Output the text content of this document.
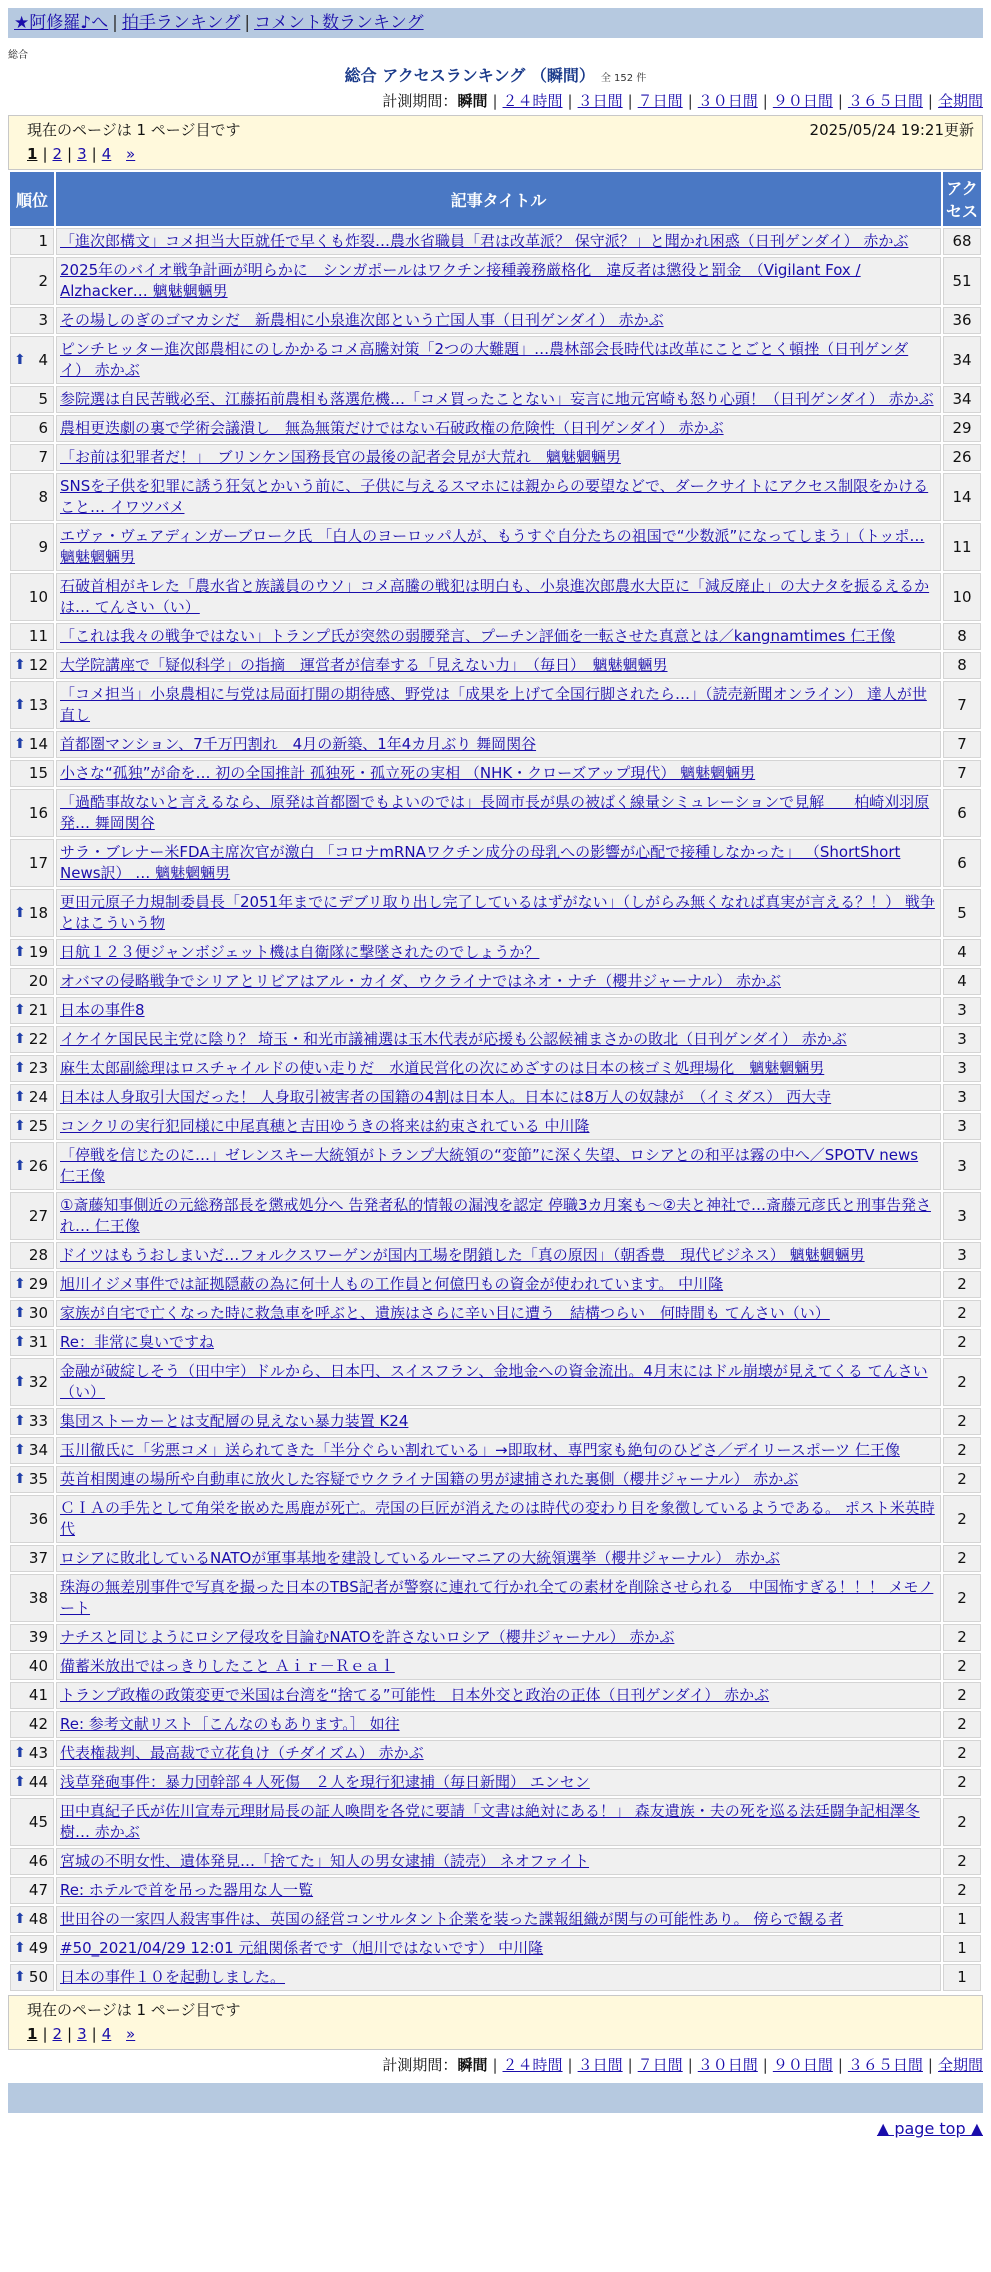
★阿修羅♪へ | 拍手ランキング | コメント数ランキング
総合
総合 アクセスランキング （瞬間） 全 152 件
計測期間：瞬間 | ２４時間 | ３日間 | ７日間 | ３０日間 | ９０日間 | ３６５日間 | 全期間
現在のページは 1 ページ目です	2025/05/24 19:21更新
1 | 2 | 3 | 4 »
順位	記事タイトル	アクセス
1	「進次郎構文」コメ担当大臣就任で早くも炸裂…農水省職員「君は改革派？ 保守派？」と聞かれ困惑（日刊ゲンダイ） 赤かぶ	68
2	2025年のバイオ戦争計画が明らかに　シンガポールはワクチン接種義務厳格化　違反者は懲役と罰金　（Vigilant Fox / Alzhacker… 魑魅魍魎男	51
3	その場しのぎのゴマカシだ　新農相に小泉進次郎という亡国人事（日刊ゲンダイ） 赤かぶ	36

⬆ 4	ピンチヒッター進次郎農相にのしかかるコメ高騰対策「2つの大難題」…農林部会長時代は改革にことごとく頓挫（日刊ゲンダイ） 赤かぶ	34
5	参院選は自民苦戦必至、江藤拓前農相も落選危機…「コメ買ったことない」妄言に地元宮崎も怒り心頭！（日刊ゲンダイ） 赤かぶ	34
6	農相更迭劇の裏で学術会議潰し　無為無策だけではない石破政権の危険性（日刊ゲンダイ） 赤かぶ	29
7	「お前は犯罪者だ！」　ブリンケン国務長官の最後の記者会見が大荒れ　魑魅魍魎男	26
8	SNSを子供を犯罪に誘う狂気とかいう前に、子供に与えるスマホには親からの要望などで、ダークサイトにアクセス制限をかけること… イワツバメ	14
9	エヴァ・ヴェアディンガーブローク氏 「白人のヨーロッパ人が、もうすぐ自分たちの祖国で“少数派”になってしまう」（トッポ… 魑魅魍魎男	11
10	石破首相がキレた「農水省と族議員のウソ」コメ高騰の戦犯は明白も、小泉進次郎農水大臣に「減反廃止」の大ナタを振るえるかは… てんさい（い）	10
11	「これは我々の戦争ではない」トランプ氏が突然の弱腰発言、プーチン評価を一転させた真意とは／kangnamtimes 仁王像	8

⬆ 12	大学院講座で「疑似科学」の指摘　運営者が信奉する「見えない力」　（毎日）　魑魅魍魎男	8

⬆ 13	「コメ担当」小泉農相に与党は局面打開の期待感、野党は「成果を上げて全国行脚されたら…」（読売新聞オンライン） 達人が世直し	7

⬆ 14	首都圏マンション、7千万円割れ　4月の新築、1年4カ月ぶり 舞岡関谷	7
15	小さな“孤独”が命を… 初の全国推計 孤独死・孤立死の実相 （NHK・クローズアップ現代） 魑魅魍魎男	7
16	「過酷事故ないと言えるなら、原発は首都圏でもよいのでは」長岡市長が県の被ばく線量シミュレーションで見解　　柏崎刈羽原発… 舞岡関谷	6
17	サラ・ブレナー米FDA主席次官が激白 「コロナmRNAワクチン成分の母乳への影響が心配で接種しなかった」 （ShortShort News訳） … 魑魅魍魎男	6

⬆ 18	更田元原子力規制委員長「2051年までにデブリ取り出し完了しているはずがない」（しがらみ無くなれば真実が言える？！） 戦争とはこういう物	5

⬆ 19	日航１２３便ジャンボジェット機は自衛隊に撃墜されたのでしょうか？	4
20	オバマの侵略戦争でシリアとリビアはアル・カイダ、ウクライナではネオ・ナチ（櫻井ジャーナル） 赤かぶ	4

⬆ 21	日本の事件8	3

⬆ 22	イケイケ国民民主党に陰り？ 埼玉・和光市議補選は玉木代表が応援も公認候補まさかの敗北（日刊ゲンダイ） 赤かぶ	3

⬆ 23	麻生太郎副総理はロスチャイルドの使い走りだ　水道民営化の次にめざすのは日本の核ゴミ処理場化　魑魅魍魎男	3

⬆ 24	日本は人身取引大国だった！ 人身取引被害者の国籍の4割は日本人。日本には8万人の奴隷が　（イミダス） 西大寺	3

⬆ 25	コンクリの実行犯同様に中尾真穂と吉田ゆうきの将来は約束されている 中川隆	3

⬆ 26	「停戦を信じたのに…」ゼレンスキー大統領がトランプ大統領の“変節”に深く失望、ロシアとの和平は霧の中へ／SPOTV news 仁王像	3
27	①斎藤知事側近の元総務部長を懲戒処分へ 告発者私的情報の漏洩を認定 停職3カ月案も～②夫と神社で…斎藤元彦氏と刑事告発され… 仁王像	3
28	ドイツはもうおしまいだ…フォルクスワーゲンが国内工場を閉鎖した「真の原因」（朝香豊　現代ビジネス） 魑魅魍魎男	3

⬆ 29	旭川イジメ事件では証拠隠蔽の為に何十人もの工作員と何億円もの資金が使われています。 中川隆	2

⬆ 30	家族が自宅で亡くなった時に救急車を呼ぶと、遺族はさらに辛い目に遭う　結構つらい　何時間も てんさい（い）	2

⬆ 31	Re：非常に臭いですね	2

⬆ 32	金融が破綻しそう（田中宇）ドルから、日本円、スイスフラン、金地金への資金流出。4月末にはドル崩壊が見えてくる てんさい（い）	2

⬆ 33	集団ストーカーとは支配層の見えない暴力装置 K24	2

⬆ 34	玉川徹氏に「劣悪コメ」送られてきた「半分ぐらい割れている」→即取材、専門家も絶句のひどさ／デイリースポーツ 仁王像	2

⬆ 35	英首相関連の場所や自動車に放火した容疑でウクライナ国籍の男が逮捕された裏側（櫻井ジャーナル） 赤かぶ	2
36	ＣＩＡの手先として角栄を嵌めた馬鹿が死亡。売国の巨匠が消えたのは時代の変わり目を象徴しているようである。 ポスト米英時代	2
37	ロシアに敗北しているNATOが軍事基地を建設しているルーマニアの大統領選挙（櫻井ジャーナル） 赤かぶ	2
38	珠海の無差別事件で写真を撮った日本のTBS記者が警察に連れて行かれ全ての素材を削除させられる　中国怖すぎる！！！ メモノート	2
39	ナチスと同じようにロシア侵攻を目論むNATOを許さないロシア（櫻井ジャーナル） 赤かぶ	2
40	備蓄米放出ではっきりしたこと Ａｉｒ－Ｒｅａｌ	2
41	トランプ政権の政策変更で米国は台湾を“捨てる”可能性　日本外交と政治の正体（日刊ゲンダイ） 赤かぶ	2
42	Re: 参考文献リスト［こんなのもあります。］ 如往	2

⬆ 43	代表権裁判、最高裁で立花負け（チダイズム） 赤かぶ	2

⬆ 44	浅草発砲事件：暴力団幹部４人死傷　２人を現行犯逮捕（毎日新聞） エンセン	2
45	田中真紀子氏が佐川宣寿元理財局長の証人喚問を各党に要請「文書は絶対にある！」 森友遺族・夫の死を巡る法廷闘争記相澤冬樹… 赤かぶ	2
46	宮城の不明女性、遺体発見…「捨てた」知人の男女逮捕（読売） ネオファイト	2
47	Re: ホテルで首を吊った器用な人一覧	2

⬆ 48	世田谷の一家四人殺害事件は、英国の経営コンサルタント企業を装った諜報組織が関与の可能性あり。 傍らで観る者	1

⬆ 49	#50_2021/04/29 12:01 元組関係者です（旭川ではないです） 中川隆	1

⬆ 50	日本の事件１０を起動しました。	1
現在のページは 1 ページ目です
1 | 2 | 3 | 4 »
計測期間：瞬間 | ２４時間 | ３日間 | ７日間 | ３０日間 | ９０日間 | ３６５日間 | 全期間
▲ page top ▲
